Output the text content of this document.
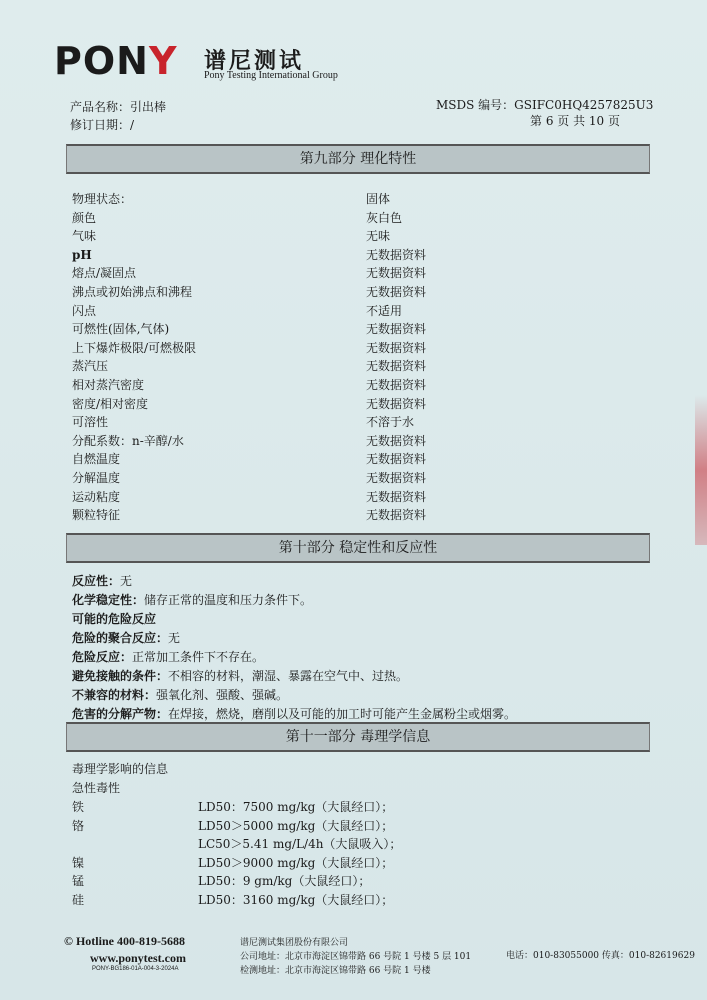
PONY 谱尼测试
Pony Testing International Group
产品名称：引出棒
修订日期：/
MSDS 编号：GSIFC0HQ4257825U3
第 6 页 共 10 页
第九部分 理化特性
物理状态：	固体
颜色	灰白色
气味	无味
pH	无数据资料
熔点/凝固点	无数据资料
沸点或初始沸点和沸程	无数据资料
闪点	不适用
可燃性(固体,气体)	无数据资料
上下爆炸极限/可燃极限	无数据资料
蒸汽压	无数据资料
相对蒸汽密度	无数据资料
密度/相对密度	无数据资料
可溶性	不溶于水
分配系数：n-辛醇/水	无数据资料
自燃温度	无数据资料
分解温度	无数据资料
运动粘度	无数据资料
颗粒特征	无数据资料
第十部分 稳定性和反应性
反应性：无
化学稳定性：储存正常的温度和压力条件下。
可能的危险反应
危险的聚合反应：无
危险反应：正常加工条件下不存在。
避免接触的条件：不相容的材料，潮湿、暴露在空气中、过热。
不兼容的材料：强氧化剂、强酸、强碱。
危害的分解产物：在焊接，燃烧，磨削以及可能的加工时可能产生金属粉尘或烟雾。
第十一部分 毒理学信息
毒理学影响的信息
急性毒性
铁	LD50：7500 mg/kg（大鼠经口）；
铬	LD50＞5000 mg/kg（大鼠经口）；
LC50＞5.41 mg/L/4h（大鼠吸入）；
镍	LD50＞9000 mg/kg（大鼠经口）；
锰	LD50：9 gm/kg（大鼠经口）；
硅	LD50：3160 mg/kg（大鼠经口）；
© Hotline 400-819-5688
www.ponytest.com
PONY-BG186-01A-004-3-2024A
谱尼测试集团股份有限公司
公司地址：北京市海淀区锦带路 66 号院 1 号楼 5 层 101
检测地址：北京市海淀区锦带路 66 号院 1 号楼
电话：010-83055000 传真：010-82619629
